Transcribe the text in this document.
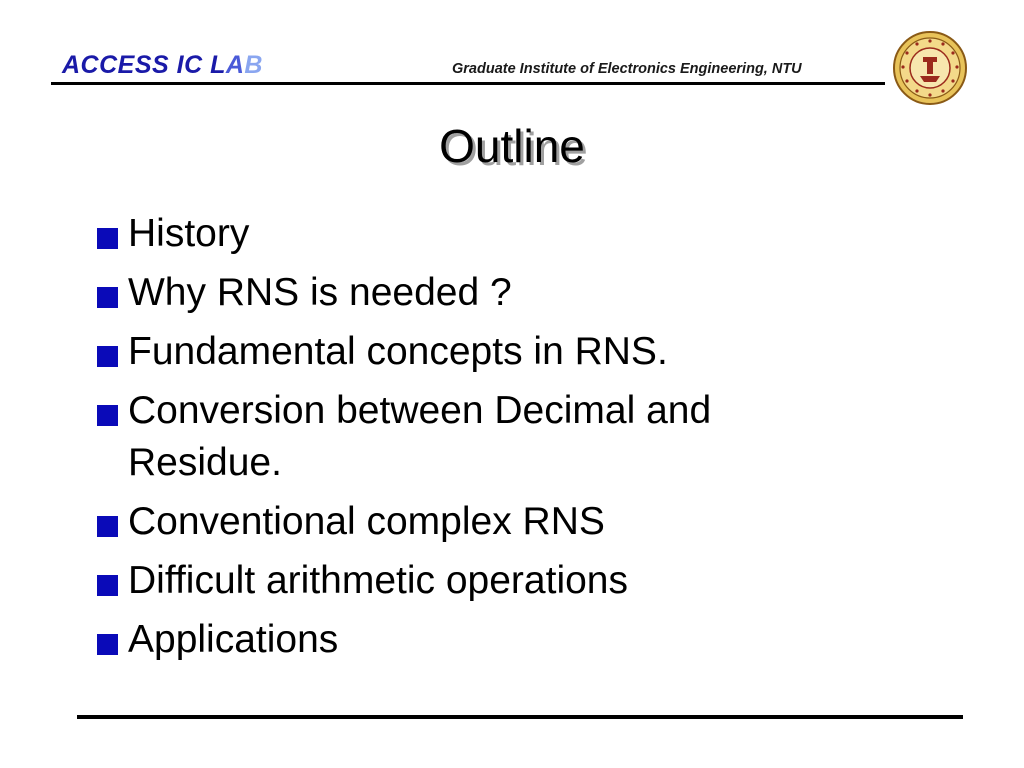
ACCESS IC LAB	Graduate Institute of Electronics Engineering, NTU
Outline
History
Why RNS is needed ?
Fundamental concepts in RNS.
Conversion between Decimal and Residue.
Conventional complex RNS
Difficult arithmetic operations
Applications
